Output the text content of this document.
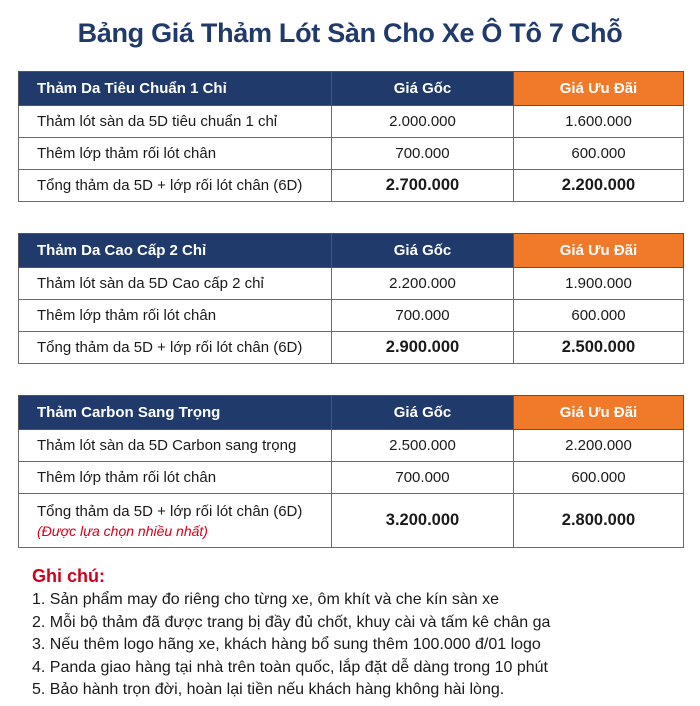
Bảng Giá Thảm Lót Sàn Cho Xe Ô Tô 7 Chỗ
Thảm Da Tiêu Chuẩn 1 Chỉ	Giá Gốc	Giá Ưu Đãi
Thảm lót sàn da 5D tiêu chuẩn 1 chỉ	2.000.000	1.600.000
Thêm lớp thảm rối lót chân	700.000	600.000
Tổng thảm da 5D + lớp rối lót chân (6D)	2.700.000	2.200.000
Thảm Da Cao Cấp 2 Chỉ	Giá Gốc	Giá Ưu Đãi
Thảm lót sàn da 5D Cao cấp 2 chỉ	2.200.000	1.900.000
Thêm lớp thảm rối lót chân	700.000	600.000
Tổng thảm da 5D + lớp rối lót chân (6D)	2.900.000	2.500.000
Thảm Carbon Sang Trọng	Giá Gốc	Giá Ưu Đãi
Thảm lót sàn da 5D Carbon sang trọng	2.500.000	2.200.000
Thêm lớp thảm rối lót chân	700.000	600.000
Tổng thảm da 5D + lớp rối lót chân (6D)
(Được lựa chọn nhiều nhất)	3.200.000	2.800.000
Ghi chú:
1. Sản phẩm may đo riêng cho từng xe, ôm khít và che kín sàn xe
2. Mỗi bộ thảm đã được trang bị đầy đủ chốt, khuy cài và tấm kê chân ga
3. Nếu thêm logo hãng xe, khách hàng bổ sung thêm 100.000 đ/01 logo
4. Panda giao hàng tại nhà trên toàn quốc, lắp đặt dễ dàng trong 10 phút
5. Bảo hành trọn đời, hoàn lại tiền nếu khách hàng không hài lòng.
